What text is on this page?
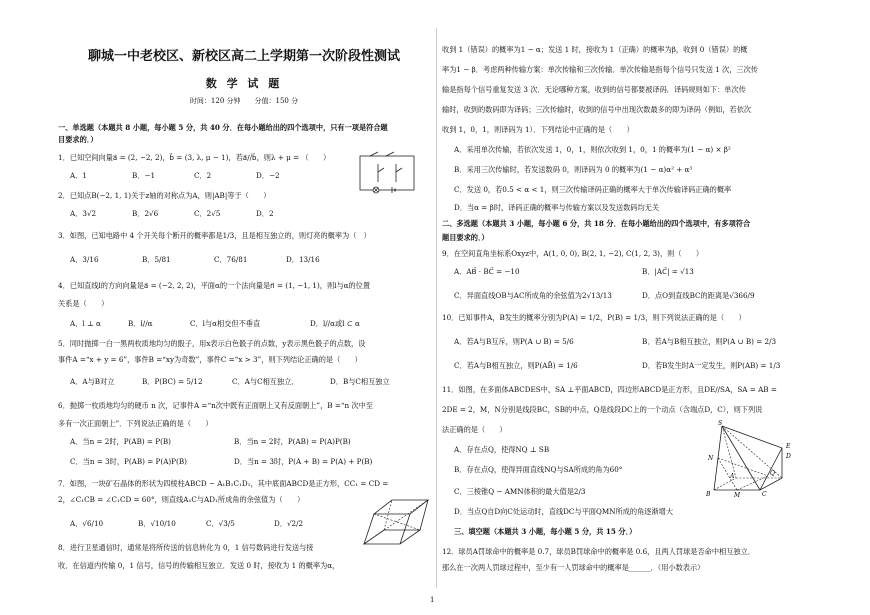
聊城一中老校区、新校区高二上学期第一次阶段性测试
数 学 试 题
时间：120 分钟　　分值：150 分
一、单选题（本题共 8 小题，每小题 5 分，共 40 分．在每小题给出的四个选项中，只有一项是符合题
目要求的．）
1．已知空间向量a⃗ = (2, −2, 2)，b⃗ = (3, λ, μ − 1)，若a⃗//b⃗，则λ + μ = （　　）
A．1	B．−1	C．2	D．−2
2．已知点B(−2, 1, 1)关于z轴的对称点为A，则|AB|等于（　　）
A．3√2	B．2√6	C．2√5	D．2
3．如图，已知电路中 4 个开关每个断开的概率都是1/3，且是相互独立的，则灯亮的概率为（　）
A．3/16	B．5/81	C．76/81	D．13/16
4．已知直线l的方向向量是a⃗ = (−2, 2, 2)，平面α的一个法向量是n⃗ = (1, −1, 1)，则l与α的位置
关系是（　　）
A．l ⊥ α	B．l//α	C．l与α相交但不垂直	D．l//α或l ⊂ α
5．同时抛掷一白一黑两枚质地均匀的骰子，用x表示白色骰子的点数，y表示黑色骰子的点数，设
事件A =“x + y = 6”，事件B =“xy为奇数”，事件C =“x > 3”，则下列结论正确的是（　　）
A．A与B对立	B．P(BC) = 5/12	C．A与C相互独立．	D．B与C相互独立
6．抛掷一枚质地均匀的硬币 n 次，记事件A =“n次中既有正面朝上又有反面朝上”，B =“n 次中至
多有一次正面朝上”．下列说法正确的是（　　）
A．当n = 2时，P(AB) = P(B)	B．当n = 2时，P(AB) = P(A)P(B)
C．当n = 3时，P(AB) = P(A)P(B)	D．当n = 3时，P(A + B) = P(A) + P(B)
7．如图，一块矿石晶体的形状为四棱柱ABCD − A₁B₁C₁D₁，其中底面ABCD是正方形，CC₁ = CD =
2，∠C₁CB = ∠C₁CD = 60°，则直线A₁C与AD₁所成角的余弦值为（　　）
A．√6/10	B．√10/10	C．√3/5	D．√2/2
8．进行卫星通信时，通常是将所传送的信息转化为 0，1 信号数码进行发送与接
收．在信道内传输 0，1 信号，信号的传输相互独立．发送 0 时，接收为 1 的概率为α，
收到 1（错误）的概率为1 − α；发送 1 时，接收为 1（正确）的概率为β，收到 0（错误）的概
率为1 − β．考虑两种传输方案：单次传输和三次传输．单次传输是指每个信号只发送 1 次，三次传
输是指每个信号重复发送 3 次．无论哪种方案，收到的信号都要被译码．译码规则如下：单次传
输时，收到的数码即为译码；三次传输时，收到的信号中出现次数最多的即为译码（例如，若依次
收到 1，0，1，则译码为 1）．下列结论中正确的是（　　）
A．采用单次传输，若依次发送 1，0，1，则依次收到 1，0，1 的概率为(1 − α) × β²
B．采用三次传输时，若发送数码 0，则译码为 0 的概率为(1 − α)α² + α³
C．发送 0，若0.5 < α < 1，则三次传输译码正确的概率大于单次传输译码正确的概率
D．当α = β时，译码正确的概率与传输方案以及发送数码均无关
二、多选题（本题共 3 小题，每小题 6 分，共 18 分．在每小题给出的四个选项中，有多项符合
题目要求的．）
9．在空间直角坐标系Oxyz中，A(1, 0, 0), B(2, 1, −2), C(1, 2, 3)，则（　　）
A．AB⃗ · BC⃗ = −10	B．|AC⃗| = √13
C．异面直线OB与AC所成角的余弦值为2√13/13	D．点O到直线BC的距离是√366/9
10．已知事件A，B发生的概率分别为P(A) = 1/2，P(B) = 1/3，则下列说法正确的是（　　）
A．若A与B互斥，则P(A ∪ B) = 5/6	B．若A与B相互独立，则P(A ∪ B) = 2/3
C．若A与B相互独立，则P(AB̄) = 1/6	D．若B发生时A一定发生，则P(AB) = 1/3
11．如图，在多面体ABCDES中，SA ⊥平面ABCD，四边形ABCD是正方形，且DE//SA，SA = AB =
2DE = 2，M，N分别是线段BC，SB的中点，Q是线段DC上的一个动点（含端点D，C），则下列说
法正确的是（　　）
A．存在点Q，使得NQ ⊥ SB
B．存在点Q，使得异面直线NQ与SA所成的角为60°
C．三棱锥Q − AMN体积的最大值是2/3
D．当点Q自D向C处运动时，直线DC与平面QMN所成的角逐渐增大
S
E
D
N
A	Q
B	M	C
三、填空题（本题共 3 小题，每小题 5 分，共 15 分．）
12．球员A罚球命中的概率是 0.7，球员B罚球命中的概率是 0.6，且两人罚球是否命中相互独立．
那么在一次两人罚球过程中，至少有一人罚球命中的概率是______．（用小数表示）
1
